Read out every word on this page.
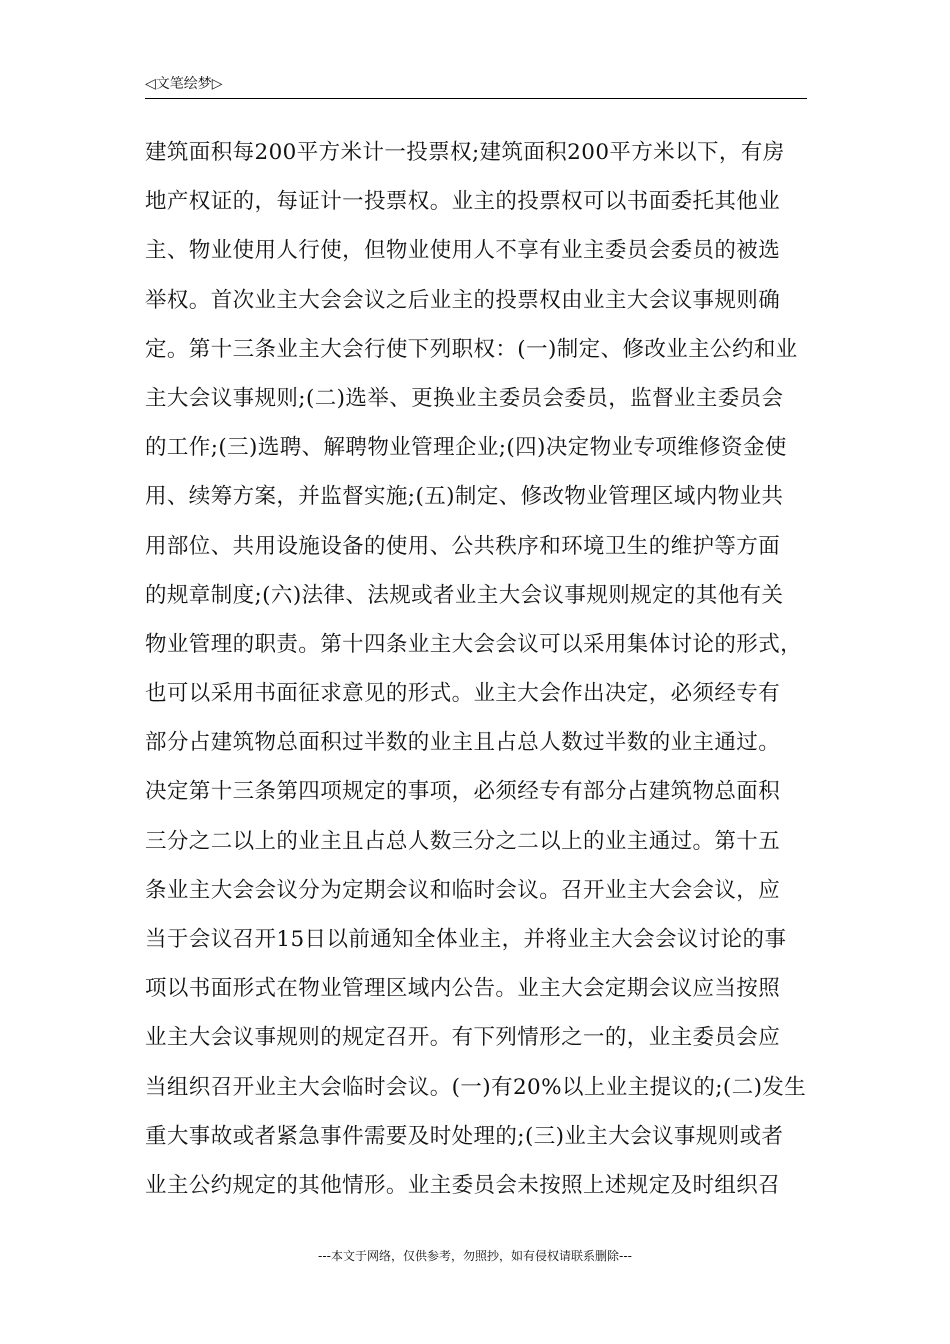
◁文笔绘梦▷
建筑面积每200平方米计一投票权;建筑面积200平方米以下，有房
地产权证的，每证计一投票权。业主的投票权可以书面委托其他业
主、物业使用人行使，但物业使用人不享有业主委员会委员的被选
举权。首次业主大会会议之后业主的投票权由业主大会议事规则确
定。第十三条业主大会行使下列职权：(一)制定、修改业主公约和业
主大会议事规则;(二)选举、更换业主委员会委员，监督业主委员会
的工作;(三)选聘、解聘物业管理企业;(四)决定物业专项维修资金使
用、续筹方案，并监督实施;(五)制定、修改物业管理区域内物业共
用部位、共用设施设备的使用、公共秩序和环境卫生的维护等方面
的规章制度;(六)法律、法规或者业主大会议事规则规定的其他有关
物业管理的职责。第十四条业主大会会议可以采用集体讨论的形式，
也可以采用书面征求意见的形式。业主大会作出决定，必须经专有
部分占建筑物总面积过半数的业主且占总人数过半数的业主通过。
决定第十三条第四项规定的事项，必须经专有部分占建筑物总面积
三分之二以上的业主且占总人数三分之二以上的业主通过。第十五
条业主大会会议分为定期会议和临时会议。召开业主大会会议，应
当于会议召开15日以前通知全体业主，并将业主大会会议讨论的事
项以书面形式在物业管理区域内公告。业主大会定期会议应当按照
业主大会议事规则的规定召开。有下列情形之一的，业主委员会应
当组织召开业主大会临时会议。(一)有20%以上业主提议的;(二)发生
重大事故或者紧急事件需要及时处理的;(三)业主大会议事规则或者
业主公约规定的其他情形。业主委员会未按照上述规定及时组织召
---本文于网络，仅供参考，勿照抄，如有侵权请联系删除---
